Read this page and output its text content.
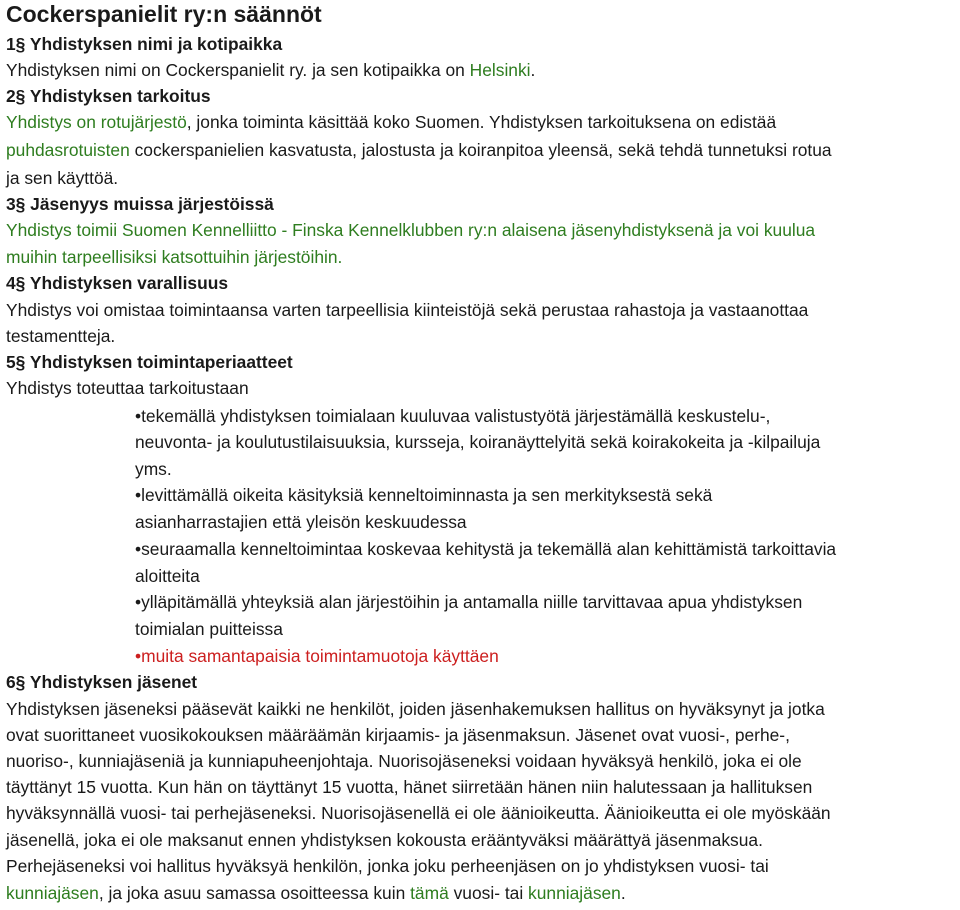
Cockerspanielit ry:n säännöt
1§ Yhdistyksen nimi ja kotipaikka
Yhdistyksen nimi on Cockerspanielit ry. ja sen kotipaikka on Helsinki.
2§ Yhdistyksen tarkoitus
Yhdistys on rotujärjestö, jonka toiminta käsittää koko Suomen. Yhdistyksen tarkoituksena on edistää
puhdasrotuisten cockerspanielien kasvatusta, jalostusta ja koiranpitoa yleensä, sekä tehdä tunnetuksi rotua
ja sen käyttöä.
3§ Jäsenyys muissa järjestöissä
Yhdistys toimii Suomen Kennelliitto - Finska Kennelklubben ry:n alaisena jäsenyhdistyksenä ja voi kuulua
muihin tarpeellisiksi katsottuihin järjestöihin.
4§ Yhdistyksen varallisuus
Yhdistys voi omistaa toimintaansa varten tarpeellisia kiinteistöjä sekä perustaa rahastoja ja vastaanottaa
testamentteja.
5§ Yhdistyksen toimintaperiaatteet
Yhdistys toteuttaa tarkoitustaan
•tekemällä yhdistyksen toimialaan kuuluvaa valistustyötä järjestämällä keskustelu-,
neuvonta- ja koulutustilaisuuksia, kursseja, koiranäyttelyitä sekä koirakokeita ja -kilpailuja
yms.
•levittämällä oikeita käsityksiä kenneltoiminnasta ja sen merkityksestä sekä
asianharrastajien että yleisön keskuudessa
•seuraamalla kenneltoimintaa koskevaa kehitystä ja tekemällä alan kehittämistä tarkoittavia
aloitteita
•ylläpitämällä yhteyksiä alan järjestöihin ja antamalla niille tarvittavaa apua yhdistyksen
toimialan puitteissa
•muita samantapaisia toimintamuotoja käyttäen
6§ Yhdistyksen jäsenet
Yhdistyksen jäseneksi pääsevät kaikki ne henkilöt, joiden jäsenhakemuksen hallitus on hyväksynyt ja jotka
ovat suorittaneet vuosikokouksen määräämän kirjaamis- ja jäsenmaksun. Jäsenet ovat vuosi-, perhe-,
nuoriso-, kunniajäseniä ja kunniapuheenjohtaja. Nuorisojäseneksi voidaan hyväksyä henkilö, joka ei ole
täyttänyt 15 vuotta. Kun hän on täyttänyt 15 vuotta, hänet siirretään hänen niin halutessaan ja hallituksen
hyväksynnällä vuosi- tai perhejäseneksi. Nuorisojäsenellä ei ole äänioikeutta. Äänioikeutta ei ole myöskään
jäsenellä, joka ei ole maksanut ennen yhdistyksen kokousta erääntyväksi määrättyä jäsenmaksua.
Perhejäseneksi voi hallitus hyväksyä henkilön, jonka joku perheenjäsen on jo yhdistyksen vuosi- tai
kunniajäsen, ja joka asuu samassa osoitteessa kuin tämä vuosi- tai kunniajäsen.
